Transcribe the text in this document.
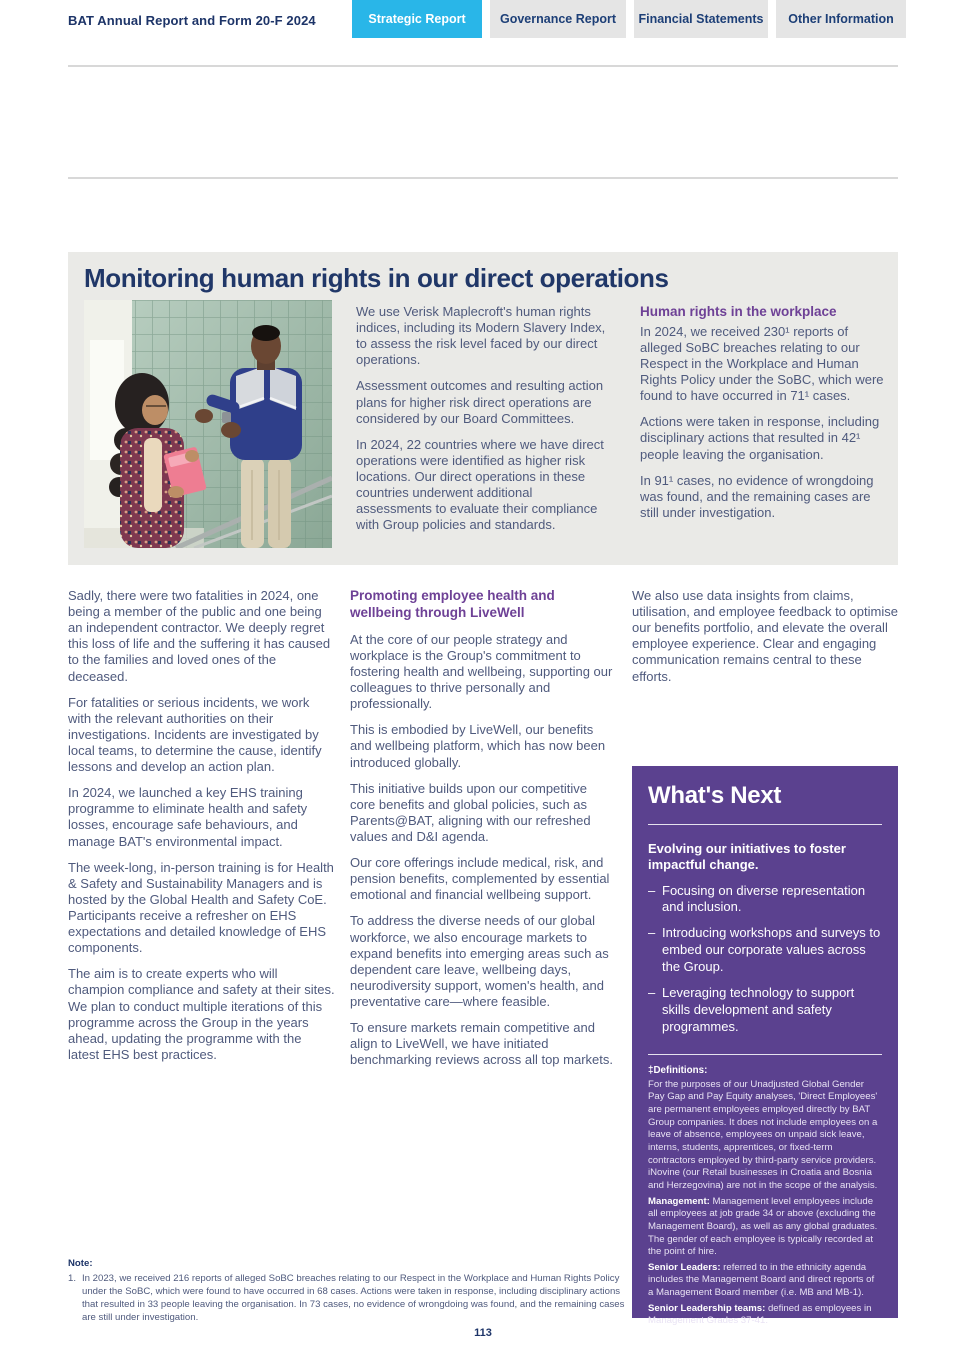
BAT Annual Report and Form 20-F 2024	Strategic Report	Governance Report	Financial Statements	Other Information
Monitoring human rights in our direct operations

We use Verisk Maplecroft's human rights indices, including its Modern Slavery Index, to assess the risk level faced by our direct operations.

Assessment outcomes and resulting action plans for higher risk direct operations are considered by our Board Committees.

In 2024, 22 countries where we have direct operations were identified as higher risk locations. Our direct operations in these countries underwent additional assessments to evaluate their compliance with Group policies and standards.

Human rights in the workplace

In 2024, we received 230¹ reports of alleged SoBC breaches relating to our Respect in the Workplace and Human Rights Policy under the SoBC, which were found to have occurred in 71¹ cases.

Actions were taken in response, including disciplinary actions that resulted in 42¹ people leaving the organisation.

In 91¹ cases, no evidence of wrongdoing was found, and the remaining cases are still under investigation.

Sadly, there were two fatalities in 2024, one being a member of the public and one being an independent contractor. We deeply regret this loss of life and the suffering it has caused to the families and loved ones of the deceased.

For fatalities or serious incidents, we work with the relevant authorities on their investigations. Incidents are investigated by local teams, to determine the cause, identify lessons and develop an action plan.

In 2024, we launched a key EHS training programme to eliminate health and safety losses, encourage safe behaviours, and manage BAT's environmental impact.

The week-long, in-person training is for Health & Safety and Sustainability Managers and is hosted by the Global Health and Safety CoE. Participants receive a refresher on EHS expectations and detailed knowledge of EHS components.

The aim is to create experts who will champion compliance and safety at their sites. We plan to conduct multiple iterations of this programme across the Group in the years ahead, updating the programme with the latest EHS best practices.

Promoting employee health and wellbeing through LiveWell

At the core of our people strategy and workplace is the Group's commitment to fostering health and wellbeing, supporting our colleagues to thrive personally and professionally.

This is embodied by LiveWell, our benefits and wellbeing platform, which has now been introduced globally.

This initiative builds upon our competitive core benefits and global policies, such as Parents@BAT, aligning with our refreshed values and D&I agenda.

Our core offerings include medical, risk, and pension benefits, complemented by essential emotional and financial wellbeing support.

To address the diverse needs of our global workforce, we also encourage markets to expand benefits into emerging areas such as dependent care leave, wellbeing days, neurodiversity support, women's health, and preventative care—where feasible.

To ensure markets remain competitive and align to LiveWell, we have initiated benchmarking reviews across all top markets.

We also use data insights from claims, utilisation, and employee feedback to optimise our benefits portfolio, and elevate the overall employee experience. Clear and engaging communication remains central to these efforts.

What's Next

Evolving our initiatives to foster impactful change.

– Focusing on diverse representation and inclusion.
– Introducing workshops and surveys to embed our corporate values across the Group.
– Leveraging technology to support skills development and safety programmes.
‡Definitions:

For the purposes of our Unadjusted Global Gender Pay Gap and Pay Equity analyses, 'Direct Employees' are permanent employees employed directly by BAT Group companies. It does not include employees on a leave of absence, employees on unpaid sick leave, interns, students, apprentices, or fixed-term contractors employed by third-party service providers. iNovine (our Retail businesses in Croatia and Bosnia and Herzegovina) are not in the scope of the analysis.

Management: Management level employees include all employees at job grade 34 or above (excluding the Management Board), as well as any global graduates. The gender of each employee is typically recorded at the point of hire.

Senior Leaders: referred to in the ethnicity agenda includes the Management Board and direct reports of a Management Board member (i.e. MB and MB-1).

Senior Leadership teams: defined as employees in Management Grades 37-41.

Note:
1. In 2023, we received 216 reports of alleged SoBC breaches relating to our Respect in the Workplace and Human Rights Policy under the SoBC, which were found to have occurred in 68 cases. Actions were taken in response, including disciplinary actions that resulted in 33 people leaving the organisation. In 73 cases, no evidence of wrongdoing was found, and the remaining cases are still under investigation.
113
